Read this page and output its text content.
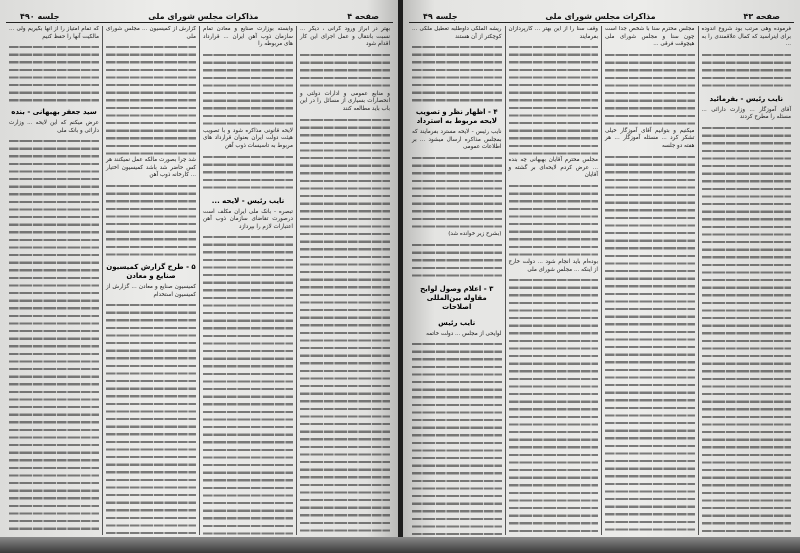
صفحه ۴
مذاکرات مجلس شورای ملی
جلسه ۴۹۰
بهتر در ابراز ورود گرانی ، دیگر ... نسبت بانتقال و عمل اجرای این کار اقدام شود
و منابع عمومی و ادارات دولتی و انحصارات بسیاری از مسائل را در این باب باید مطالعه کنند
وابسته بوزارت صنایع و معادن تمام سازمان ذوب آهن ایران ... قرارداد های مربوطه را
لایحه قانونی مذاکره شود و با تصویب هیئت دولت ایران بعنوان قرارداد های مربوط به تاسیسات ذوب آهن
نایب رئیس - لایحه ...
تبصره - بانک ملی ایران مکلف است درصورت تقاضای سازمان ذوب آهن اعتبارات لازم را بپردازد
گزارش از کمیسیون ... مجلس شورای ملی
شد چرا بصورت مالکه عمل نمیکنند هر کس حاضر شد باشد کمیسیون اختیار ... کارخانه ذوب آهن
۵ - طرح گزارش کمیسیون صنایع و معادن
کمیسیون صنایع و معادن ... گزارش از کمیسیون استخدام
که تمام امتیاز را از آنها بگیریم ولی ... مالکیت آنها را حفظ کنیم
سید جعفر بهبهانی - بنده
عرض میکنم که این لایحه ... وزارت دارائی و بانک ملی
صفحه ۴۳
مذاکرات مجلس شورای ملی
جلسه ۴۹
فرموده وهی مرتب بود شروع اندوده برای اینراسید که کمال علاقمندی را به ...
نایب رئیس - بفرمائید
آقای آموزگار ... وزارت دارائی ... مسئله را مطرح کردند
مجلس محترم سنا با شخص جدا است چون سنا و مجلس شورای ملی هیچوقت فرقی ...
میکنیم و بتوانیم آقای آموزگار خیلی تشکر کرد ... مسئله آموزگار ... هر هفته دو جلسه
وقف سنا را از این بهتر ... کارپردازان بفرمایند
مجلس محترم آقایان بهبهانی چه بنده ... عرض کردم لایحه‌ای بر گشته و آقایان
بوده‌ام باید انجام شود ... دولت خارج از اینکه ... مجلس شورای ملی
ریشه الملکی داوطلبه تعطیل ملکی ... کوچکتر از آن هستند
۴ - اظهار نظر و تصویب لایحه مربوط به استرداد
نایب رئیس - لایحه مسترد بفرمایند که بمجلس مذاکره ارسال میشود ... بر اطلاعات عمومی
(بشرح زیر خوانده شد)
۳ - اعلام وصول لوایح مقاوله بین‌المللی اصلاحات
نایب رئیس
لوایحی از مجلس ... دولت خاتمه
